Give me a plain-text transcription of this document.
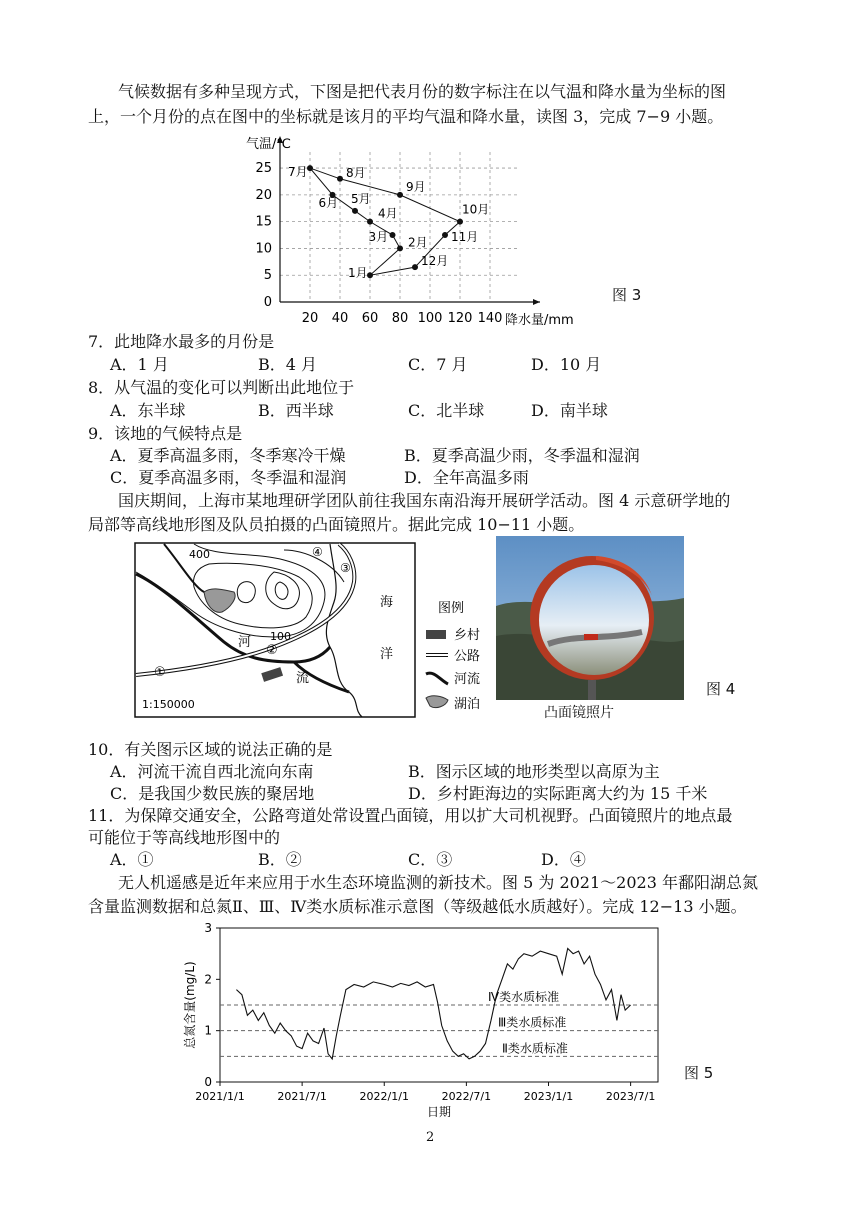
气候数据有多种呈现方式，下图是把代表月份的数字标注在以气温和降水量为坐标的图
上，一个月份的点在图中的坐标就是该月的平均气温和降水量，读图 3，完成 7−9 小题。
20 40 60 80 100 120 140
0
5
10
15
20
25
气温/℃
降水量/mm
1月
2月
3月
4月
5月
6月
7月	8月
9月
10月
11月
12月
图 3
7．此地降水最多的月份是
A．1 月	B．4 月	C．7 月	D．10 月
8．从气温的变化可以判断出此地位于
A．东半球	B．西半球	C．北半球	D．南半球
9．该地的气候特点是
A．夏季高温多雨，冬季寒冷干燥	B．夏季高温少雨，冬季温和湿润
C．夏季高温多雨，冬季温和湿润	D．全年高温多雨
国庆期间，上海市某地理研学团队前往我国东南沿海开展研学活动。图 4 示意研学地的
局部等高线地形图及队员拍摄的凸面镜照片。据此完成 10−11 小题。
400
100
河
流
海
洋
①
②
③
④
1:150000
图例
乡村
公路
河流
湖泊
凸面镜照片
图 4
10．有关图示区域的说法正确的是
A．河流干流自西北流向东南	B．图示区域的地形类型以高原为主
C．是我国少数民族的聚居地	D．乡村距海边的实际距离大约为 15 千米
11．为保障交通安全，公路弯道处常设置凸面镜，用以扩大司机视野。凸面镜照片的地点最
可能位于等高线地形图中的
A．①	B．②	C．③	D．④
无人机遥感是近年来应用于水生态环境监测的新技术。图 5 为 2021～2023 年鄱阳湖总氮
含量监测数据和总氮Ⅱ、Ⅲ、Ⅳ类水质标准示意图（等级越低水质越好）。完成 12−13 小题。
0
1
2
3
2021/1/1	2021/7/1	2022/1/1	2022/7/1	2023/1/1	2023/7/1
日期
总氮含量(mg/L)	Ⅳ类水质标准
Ⅲ类水质标准
Ⅱ类水质标准
图 5
2
